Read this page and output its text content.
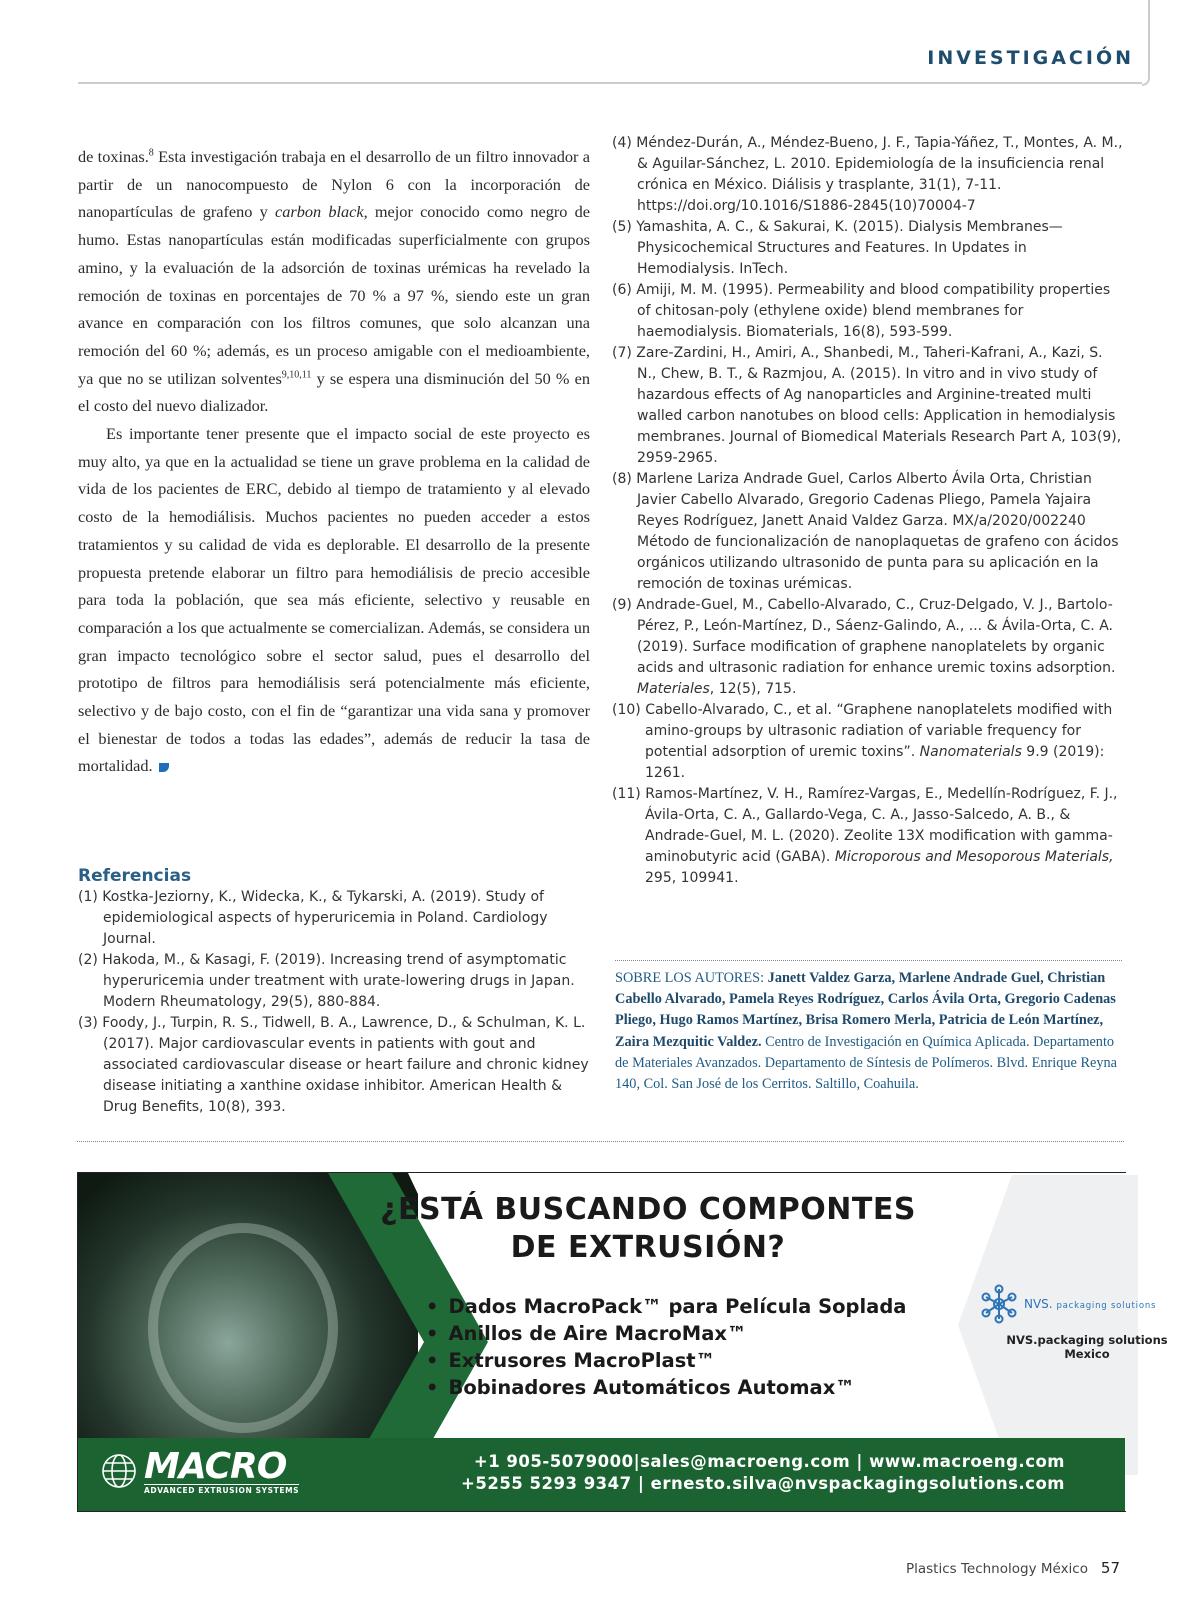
INVESTIGACIÓN

de toxinas.$^8$ Esta investigación trabaja en el desarrollo de un filtro innovador a partir de un nanocompuesto de Nylon 6 con la incorporación de nanopartículas de grafeno y carbon black, mejor conocido como negro de humo. Estas nanopartículas están modificadas superficialmente con grupos amino, y la evaluación de la adsorción de toxinas urémicas ha revelado la remoción de toxinas en porcentajes de 70 % a 97 %, siendo este un gran avance en comparación con los filtros comunes, que solo alcanzan una remoción del 60 %; además, es un proceso amigable con el medioambiente, ya que no se utilizan solventes$^{9,10,11}$ y se espera una disminución del 50 % en el costo del nuevo dializador.

Es importante tener presente que el impacto social de este proyecto es muy alto, ya que en la actualidad se tiene un grave problema en la calidad de vida de los pacientes de ERC, debido al tiempo de tratamiento y al elevado costo de la hemodiálisis. Muchos pacientes no pueden acceder a estos tratamientos y su calidad de vida es deplorable. El desarrollo de la presente propuesta pretende elaborar un filtro para hemodiálisis de precio accesible para toda la población, que sea más eficiente, selectivo y reusable en comparación a los que actualmente se comercializan. Además, se considera un gran impacto tecnológico sobre el sector salud, pues el desarrollo del prototipo de filtros para hemodiálisis será potencialmente más eficiente, selectivo y de bajo costo, con el fin de “garantizar una vida sana y promover el bienestar de todos a todas las edades”, además de reducir la tasa de mortalidad.

Referencias
(1) Kostka-Jeziorny, K., Widecka, K., & Tykarski, A. (2019). Study of epidemiological aspects of hyperuricemia in Poland. Cardiology Journal.
(2) Hakoda, M., & Kasagi, F. (2019). Increasing trend of asymptomatic hyperuricemia under treatment with urate-lowering drugs in Japan. Modern Rheumatology, 29(5), 880-884.
(3) Foody, J., Turpin, R. S., Tidwell, B. A., Lawrence, D., & Schulman, K. L. (2017). Major cardiovascular events in patients with gout and associated cardiovascular disease or heart failure and chronic kidney disease initiating a xanthine oxidase inhibitor. American Health & Drug Benefits, 10(8), 393.
(4) Méndez-Durán, A., Méndez-Bueno, J. F., Tapia-Yáñez, T., Montes, A. M., & Aguilar-Sánchez, L. 2010. Epidemiología de la insuficiencia renal crónica en México. Diálisis y trasplante, 31(1), 7-11. https://doi.org/10.1016/S1886-2845(10)70004-7
(5) Yamashita, A. C., & Sakurai, K. (2015). Dialysis Membranes—Physicochemical Structures and Features. In Updates in Hemodialysis. InTech.
(6) Amiji, M. M. (1995). Permeability and blood compatibility properties of chitosan-poly (ethylene oxide) blend membranes for haemodialysis. Biomaterials, 16(8), 593-599.
(7) Zare-Zardini, H., Amiri, A., Shanbedi, M., Taheri-Kafrani, A., Kazi, S. N., Chew, B. T., & Razmjou, A. (2015). In vitro and in vivo study of hazardous effects of Ag nanoparticles and Arginine-treated multi walled carbon nanotubes on blood cells: Application in hemodialysis membranes. Journal of Biomedical Materials Research Part A, 103(9), 2959-2965.
(8) Marlene Lariza Andrade Guel, Carlos Alberto Ávila Orta, Christian Javier Cabello Alvarado, Gregorio Cadenas Pliego, Pamela Yajaira Reyes Rodríguez, Janett Anaid Valdez Garza. MX/a/2020/002240 Método de funcionalización de nanoplaquetas de grafeno con ácidos orgánicos utilizando ultrasonido de punta para su aplicación en la remoción de toxinas urémicas.
(9) Andrade-Guel, M., Cabello-Alvarado, C., Cruz-Delgado, V. J., Bartolo-Pérez, P., León-Martínez, D., Sáenz-Galindo, A., ... & Ávila-Orta, C. A. (2019). Surface modification of graphene nanoplatelets by organic acids and ultrasonic radiation for enhance uremic toxins adsorption. Materiales, 12(5), 715.
(10) Cabello-Alvarado, C., et al. “Graphene nanoplatelets modified with amino-groups by ultrasonic radiation of variable frequency for potential adsorption of uremic toxins”. Nanomaterials 9.9 (2019): 1261.
(11) Ramos-Martínez, V. H., Ramírez-Vargas, E., Medellín-Rodríguez, F. J., Ávila-Orta, C. A., Gallardo-Vega, C. A., Jasso-Salcedo, A. B., & Andrade-Guel, M. L. (2020). Zeolite 13X modification with gamma-aminobutyric acid (GABA). Microporous and Mesoporous Materials, 295, 109941.
SOBRE LOS AUTORES: Janett Valdez Garza, Marlene Andrade Guel, Christian Cabello Alvarado, Pamela Reyes Rodríguez, Carlos Ávila Orta, Gregorio Cadenas Pliego, Hugo Ramos Martínez, Brisa Romero Merla, Patricia de León Martínez, Zaira Mezquitic Valdez. Centro de Investigación en Química Aplicada. Departamento de Materiales Avanzados. Departamento de Síntesis de Polímeros. Blvd. Enrique Reyna 140, Col. San José de los Cerritos. Saltillo, Coahuila.
¿ESTÁ BUSCANDO COMPONTES
DE EXTRUSIÓN?
• Dados MacroPack™ para Película Soplada
• Anillos de Aire MacroMax™
• Extrusores MacroPlast™
• Bobinadores Automáticos Automax™
NVS. packaging solutions
NVS.packaging solutions
Mexico
MACRO
ADVANCED EXTRUSION SYSTEMS
+1 905-5079000|sales@macroeng.com | www.macroeng.com
+5255 5293 9347 | ernesto.silva@nvspackagingsolutions.com
Plastics Technology México 57
